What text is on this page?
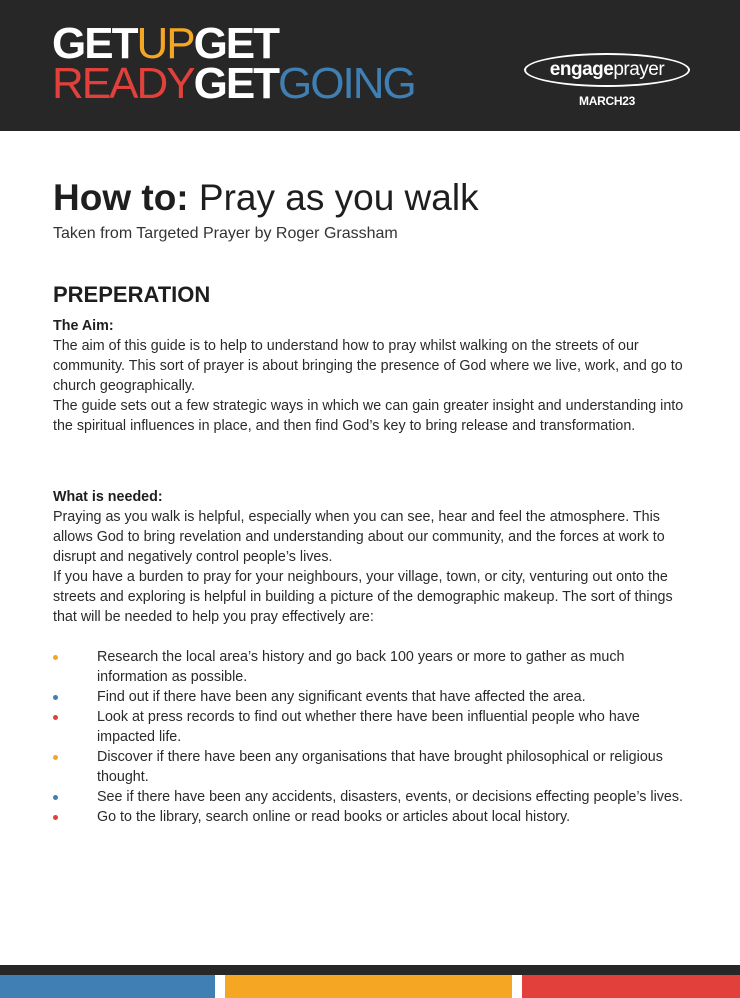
GETUPGET
READYGETGOING	engage prayer
MARCH23
How to: Pray as you walk
Taken from Targeted Prayer by Roger Grassham
PREPERATION
The Aim:

The aim of this guide is to help to understand how to pray whilst walking on the streets of our community. This sort of prayer is about bringing the presence of God where we live, work, and go to church geographically.

The guide sets out a few strategic ways in which we can gain greater insight and understanding into the spiritual influences in place, and then find God’s key to bring release and transformation.

What is needed:

Praying as you walk is helpful, especially when you can see, hear and feel the atmosphere. This allows God to bring revelation and understanding about our community, and the forces at work to disrupt and negatively control people’s lives.

If you have a burden to pray for your neighbours, your village, town, or city, venturing out onto the streets and exploring is helpful in building a picture of the demographic makeup. The sort of things that will be needed to help you pray effectively are:

Research the local area’s history and go back 100 years or more to gather as much information as possible.
Find out if there have been any significant events that have affected the area.
Look at press records to find out whether there have been influential people who have impacted life.
Discover if there have been any organisations that have brought philosophical or religious thought.
See if there have been any accidents, disasters, events, or decisions effecting people’s lives.
Go to the library, search online or read books or articles about local history.
